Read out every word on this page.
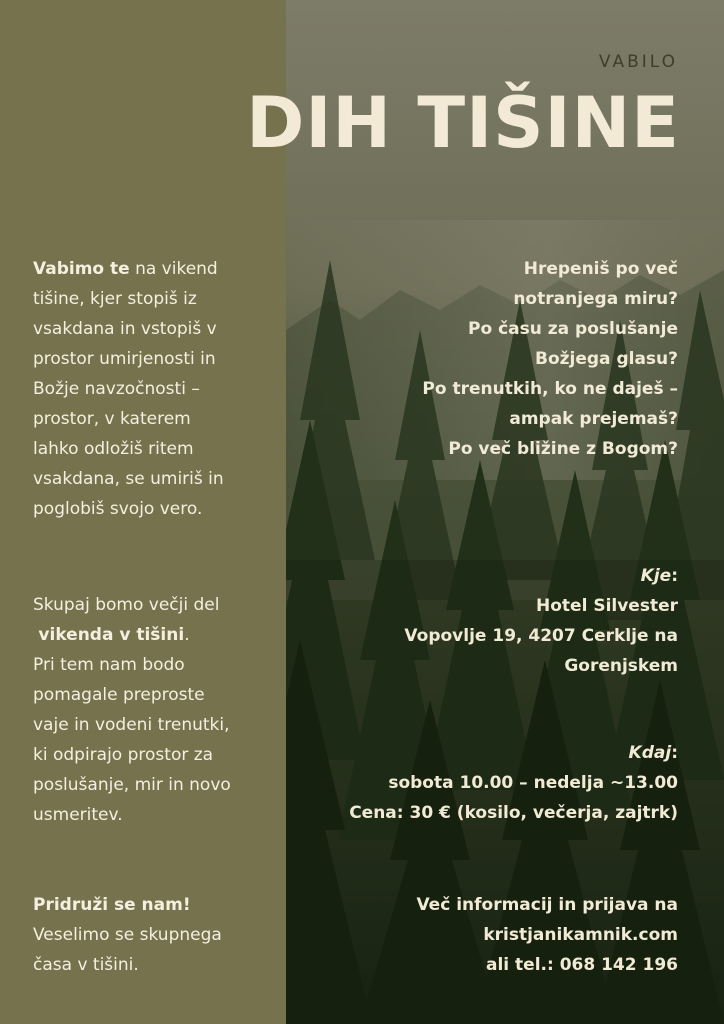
VABILO
DIH TIŠINE
Vabimo te na vikend
tišine, kjer stopiš iz
vsakdana in vstopiš v
prostor umirjenosti in
Božje navzočnosti –
prostor, v katerem
lahko odložiš ritem
vsakdana, se umiriš in
poglobiš svojo vero.
Skupaj bomo večji del
vikenda v tišini.
Pri tem nam bodo
pomagale preproste
vaje in vodeni trenutki,
ki odpirajo prostor za
poslušanje, mir in novo
usmeritev.
Pridruži se nam!
Veselimo se skupnega
časa v tišini.
Hrepeniš po več
notranjega miru?
Po času za poslušanje
Božjega glasu?
Po trenutkih, ko ne daješ –
ampak prejemaš?
Po več bližine z Bogom?
Kje:
Hotel Silvester
Vopovlje 19, 4207 Cerklje na
Gorenjskem
Kdaj:
sobota 10.00 – nedelja ~13.00
Cena: 30 € (kosilo, večerja, zajtrk)
Več informacij in prijava na
kristjanikamnik.com
ali tel.: 068 142 196
